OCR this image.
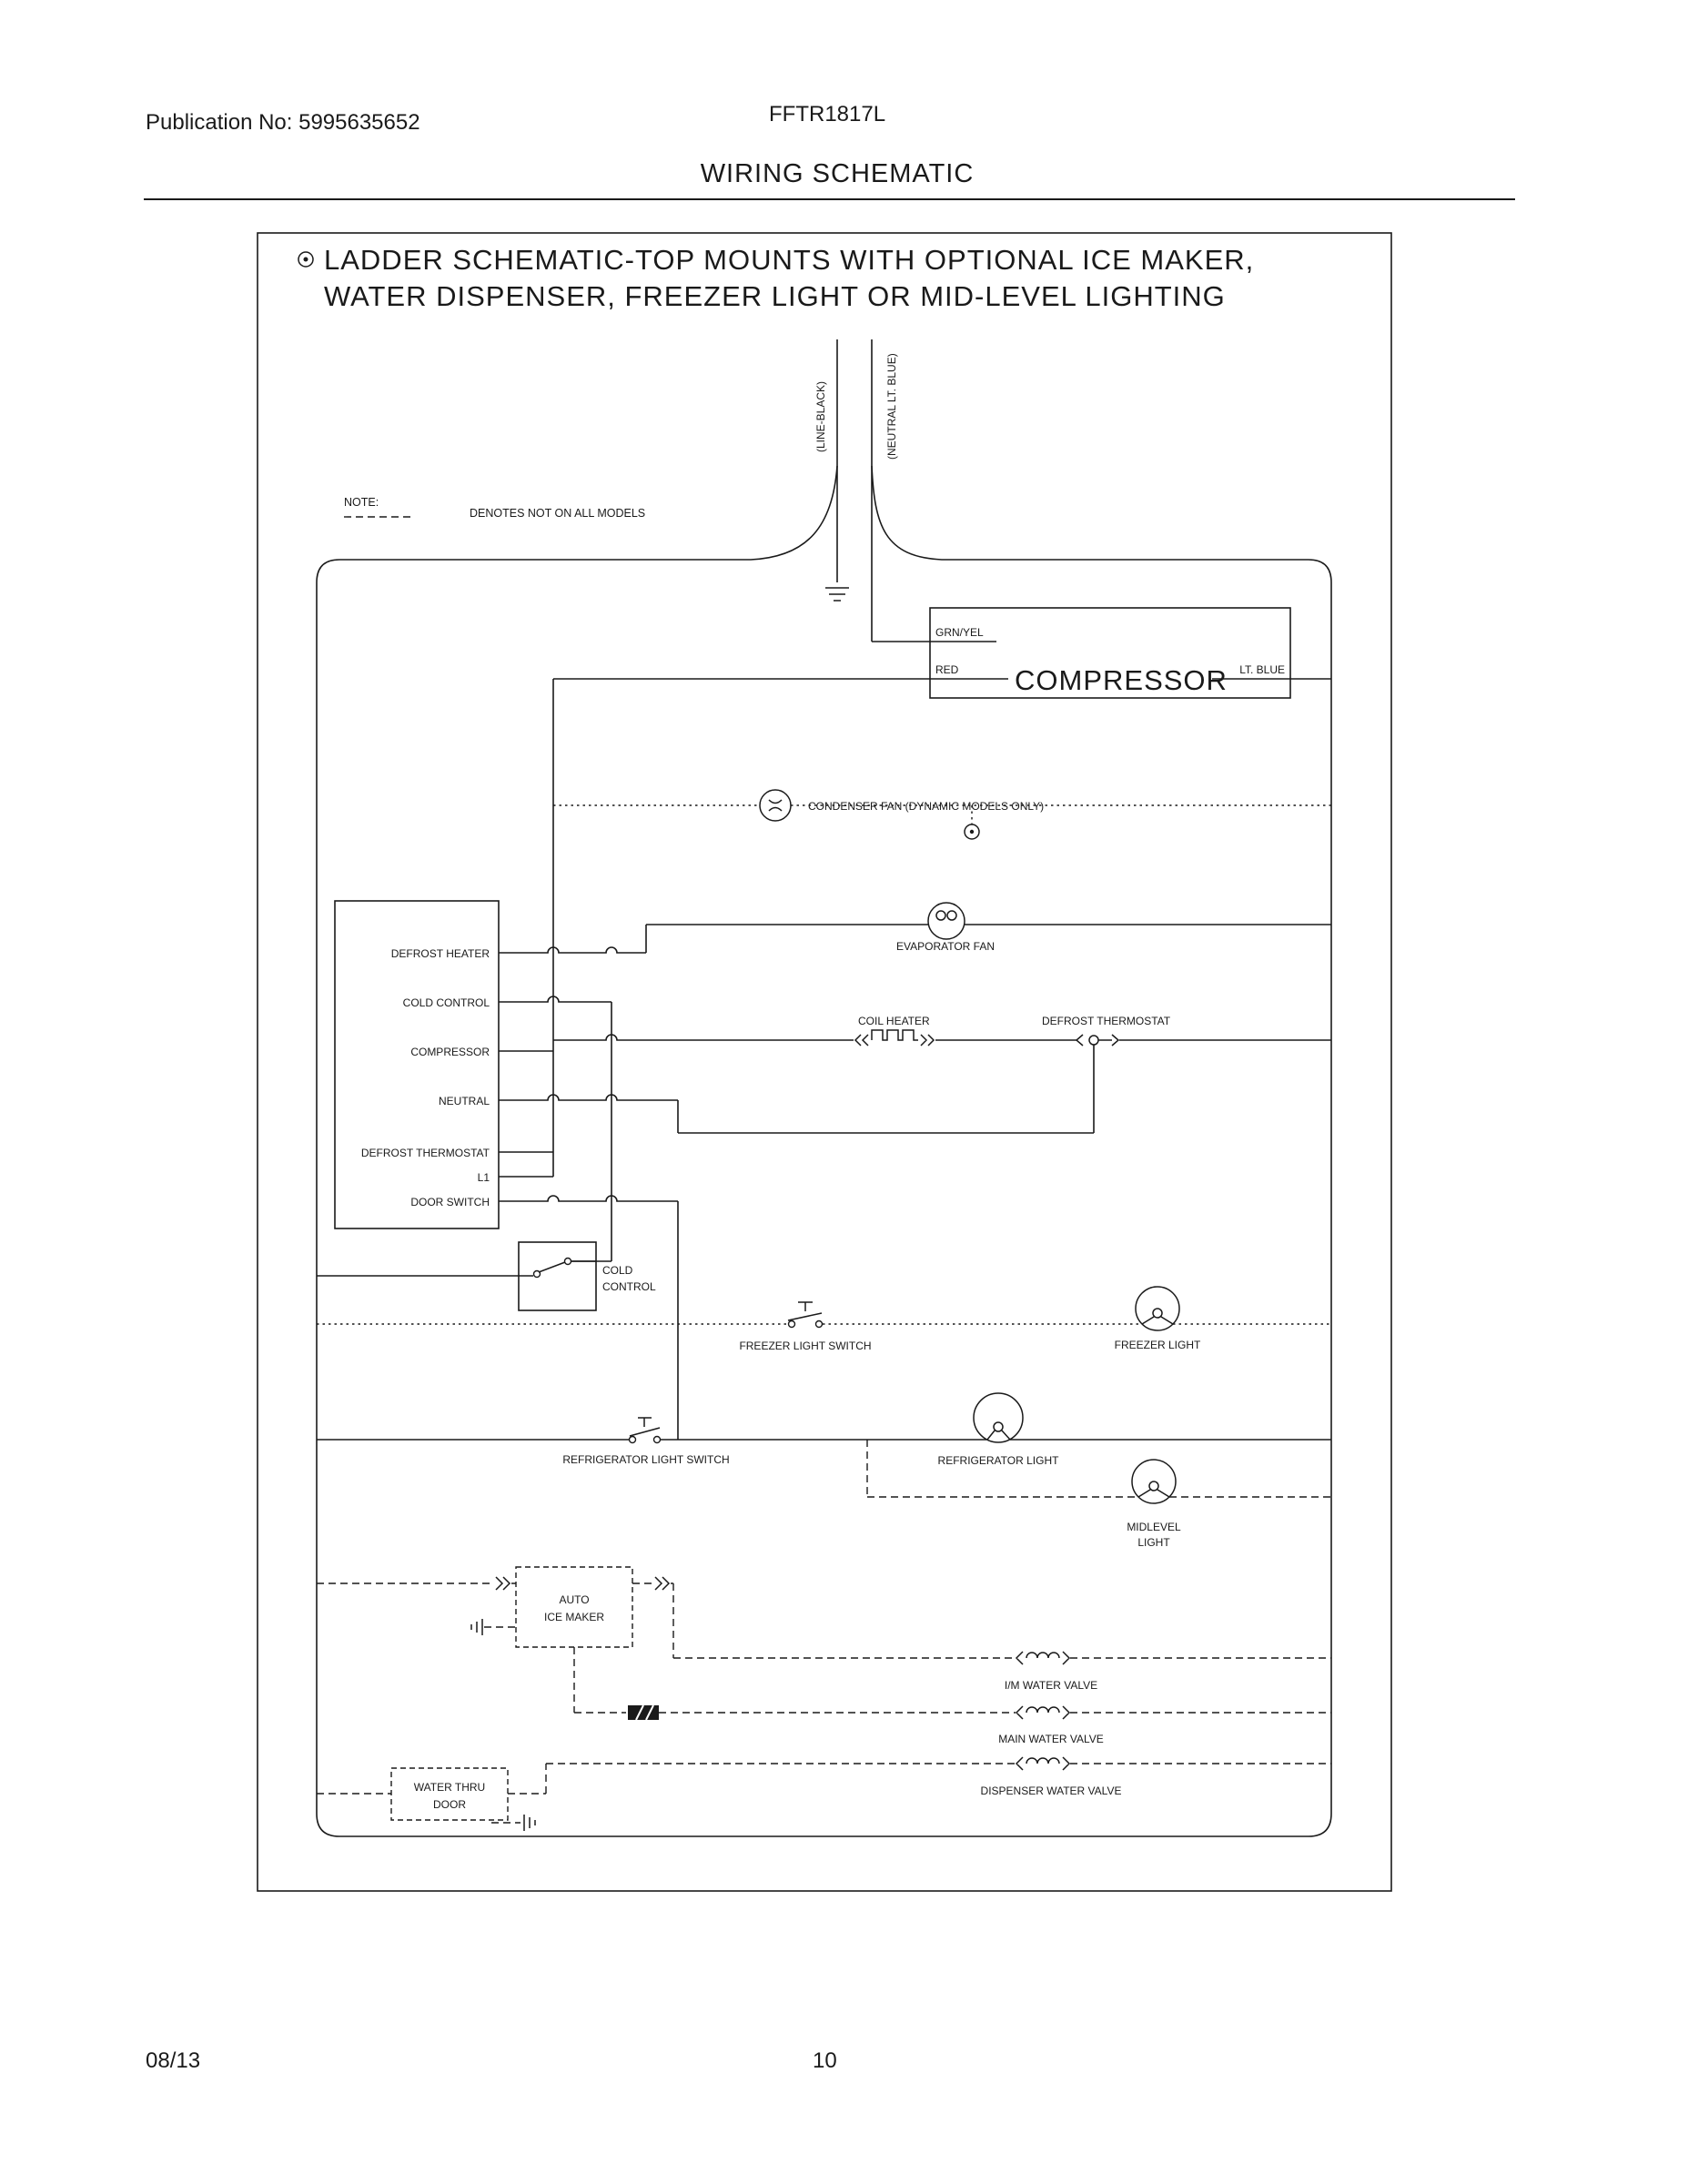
Publication No: 5995635652	FFTR1817L
WIRING SCHEMATIC
LADDER SCHEMATIC-TOP MOUNTS WITH OPTIONAL ICE MAKER,
WATER DISPENSER, FREEZER LIGHT OR MID-LEVEL LIGHTING
(LINE-BLACK)	(NEUTRAL LT. BLUE)
NOTE:
DENOTES NOT ON ALL MODELS
GRN/YEL
RED	LT. BLUE
COMPRESSOR
CONDENSER FAN (DYNAMIC MODELS ONLY)
EVAPORATOR FAN
COIL HEATER	DEFROST THERMOSTAT
DEFROST HEATER
COLD CONTROL
COMPRESSOR
NEUTRAL
DEFROST THERMOSTAT
L1
DOOR SWITCH
COLD
CONTROL
FREEZER LIGHT SWITCH	FREEZER LIGHT
REFRIGERATOR LIGHT SWITCH	REFRIGERATOR LIGHT
MIDLEVEL
LIGHT
AUTO
ICE MAKER
I/M WATER VALVE
MAIN WATER VALVE
DISPENSER WATER VALVE
WATER THRU
DOOR
08/13	10
